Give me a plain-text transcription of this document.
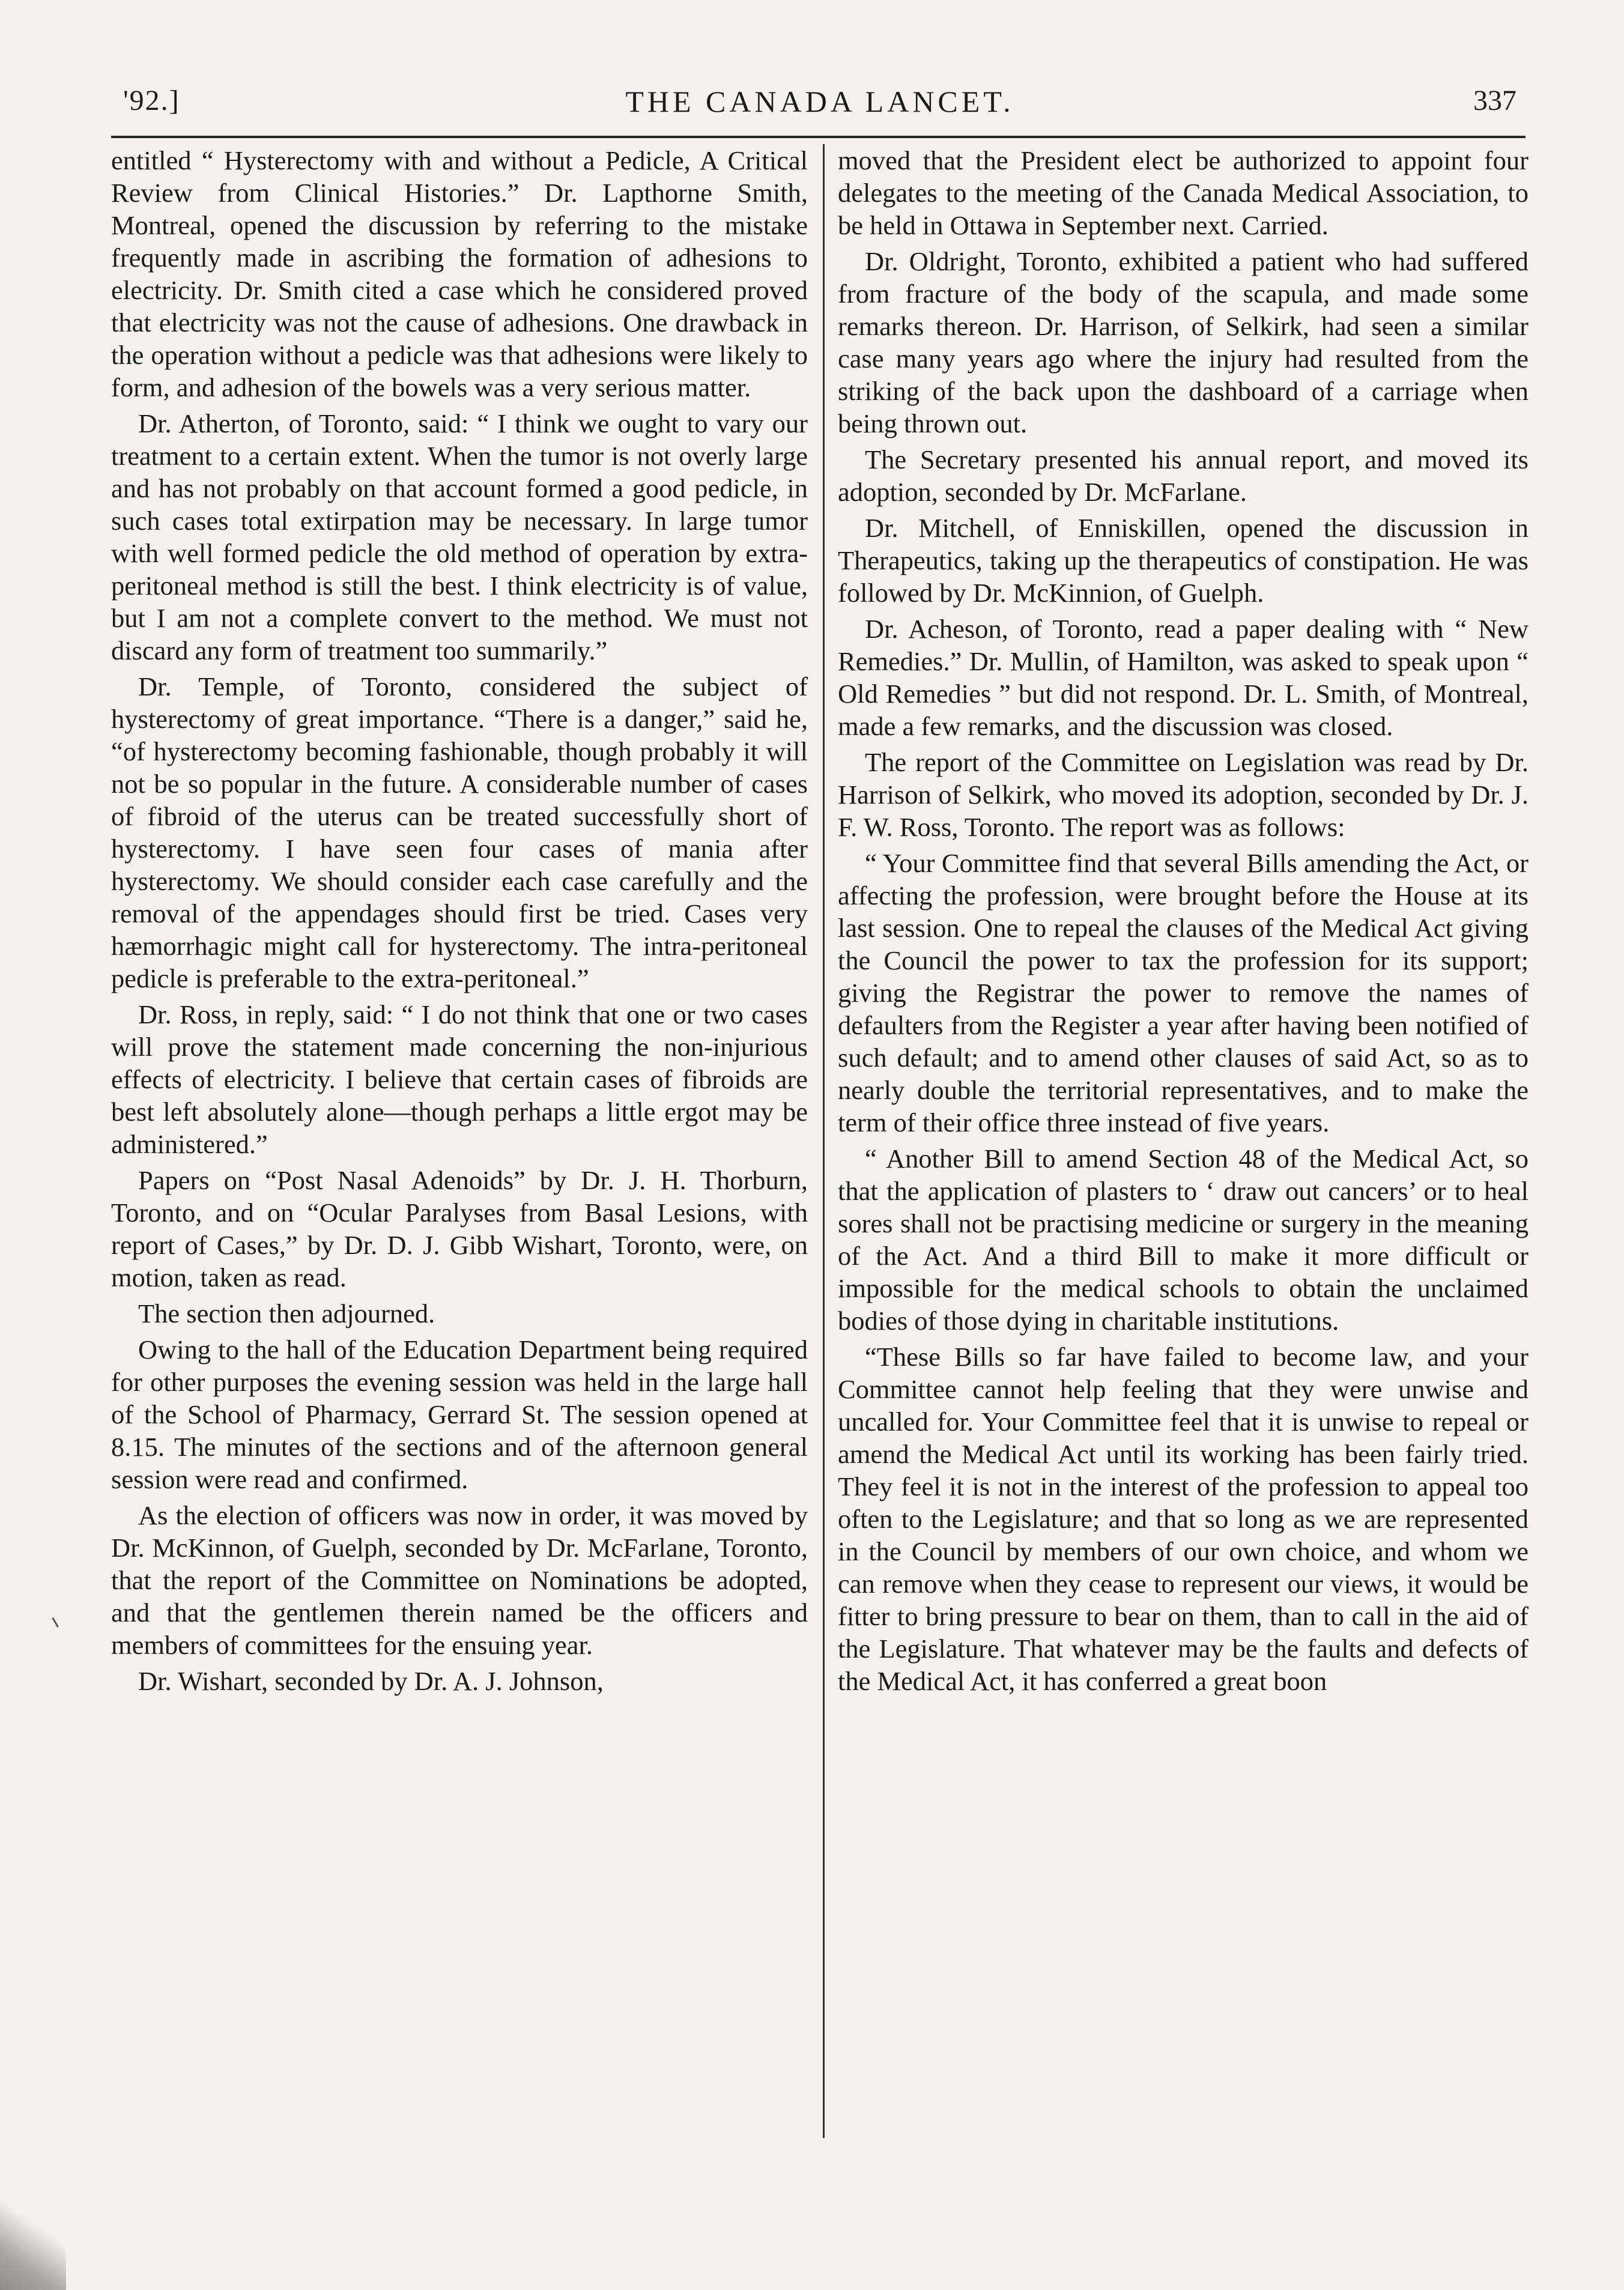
'92.]	THE CANADA LANCET.	337

entitled “ Hysterectomy with and without a Pedicle, A Critical Review from Clinical Histories.” Dr. Lapthorne Smith, Montreal, opened the discussion by referring to the mistake frequently made in ascribing the formation of adhesions to electricity. Dr. Smith cited a case which he considered proved that electricity was not the cause of adhesions. One drawback in the operation without a pedicle was that adhesions were likely to form, and adhesion of the bowels was a very serious matter.

Dr. Atherton, of Toronto, said: “ I think we ought to vary our treatment to a certain extent. When the tumor is not overly large and has not probably on that account formed a good pedicle, in such cases total extirpation may be necessary. In large tumor with well formed pedicle the old method of operation by extra-peritoneal method is still the best. I think electricity is of value, but I am not a complete convert to the method. We must not discard any form of treatment too summarily.”

Dr. Temple, of Toronto, considered the subject of hysterectomy of great importance. “There is a danger,” said he, “of hysterectomy becoming fashionable, though probably it will not be so popular in the future. A considerable number of cases of fibroid of the uterus can be treated successfully short of hysterectomy. I have seen four cases of mania after hysterectomy. We should consider each case carefully and the removal of the appendages should first be tried. Cases very hæmorrhagic might call for hysterectomy. The intra-peritoneal pedicle is preferable to the extra-peritoneal.”

Dr. Ross, in reply, said: “ I do not think that one or two cases will prove the statement made concerning the non-injurious effects of electricity. I believe that certain cases of fibroids are best left absolutely alone—though perhaps a little ergot may be administered.”

Papers on “Post Nasal Adenoids” by Dr. J. H. Thorburn, Toronto, and on “Ocular Paralyses from Basal Lesions, with report of Cases,” by Dr. D. J. Gibb Wishart, Toronto, were, on motion, taken as read.

The section then adjourned.

Owing to the hall of the Education Department being required for other purposes the evening session was held in the large hall of the School of Pharmacy, Gerrard St. The session opened at 8.15. The minutes of the sections and of the afternoon general session were read and confirmed.

As the election of officers was now in order, it was moved by Dr. McKinnon, of Guelph, seconded by Dr. McFarlane, Toronto, that the report of the Committee on Nominations be adopted, and that the gentlemen therein named be the officers and members of committees for the ensuing year.

Dr. Wishart, seconded by Dr. A. J. Johnson,

moved that the President elect be authorized to appoint four delegates to the meeting of the Canada Medical Association, to be held in Ottawa in September next. Carried.

Dr. Oldright, Toronto, exhibited a patient who had suffered from fracture of the body of the scapula, and made some remarks thereon. Dr. Harrison, of Selkirk, had seen a similar case many years ago where the injury had resulted from the striking of the back upon the dashboard of a carriage when being thrown out.

The Secretary presented his annual report, and moved its adoption, seconded by Dr. McFarlane.

Dr. Mitchell, of Enniskillen, opened the discussion in Therapeutics, taking up the therapeutics of constipation. He was followed by Dr. McKinnion, of Guelph.

Dr. Acheson, of Toronto, read a paper dealing with “ New Remedies.” Dr. Mullin, of Hamilton, was asked to speak upon “ Old Remedies ” but did not respond. Dr. L. Smith, of Montreal, made a few remarks, and the discussion was closed.

The report of the Committee on Legislation was read by Dr. Harrison of Selkirk, who moved its adoption, seconded by Dr. J. F. W. Ross, Toronto. The report was as follows:

“ Your Committee find that several Bills amending the Act, or affecting the profession, were brought before the House at its last session. One to repeal the clauses of the Medical Act giving the Council the power to tax the profession for its support; giving the Registrar the power to remove the names of defaulters from the Register a year after having been notified of such default; and to amend other clauses of said Act, so as to nearly double the territorial representatives, and to make the term of their office three instead of five years.

“ Another Bill to amend Section 48 of the Medical Act, so that the application of plasters to ‘ draw out cancers’ or to heal sores shall not be practising medicine or surgery in the meaning of the Act. And a third Bill to make it more difficult or impossible for the medical schools to obtain the unclaimed bodies of those dying in charitable institutions.

“These Bills so far have failed to become law, and your Committee cannot help feeling that they were unwise and uncalled for. Your Committee feel that it is unwise to repeal or amend the Medical Act until its working has been fairly tried. They feel it is not in the interest of the profession to appeal too often to the Legislature; and that so long as we are represented in the Council by members of our own choice, and whom we can remove when they cease to represent our views, it would be fitter to bring pressure to bear on them, than to call in the aid of the Legislature. That whatever may be the faults and defects of the Medical Act, it has conferred a great boon
